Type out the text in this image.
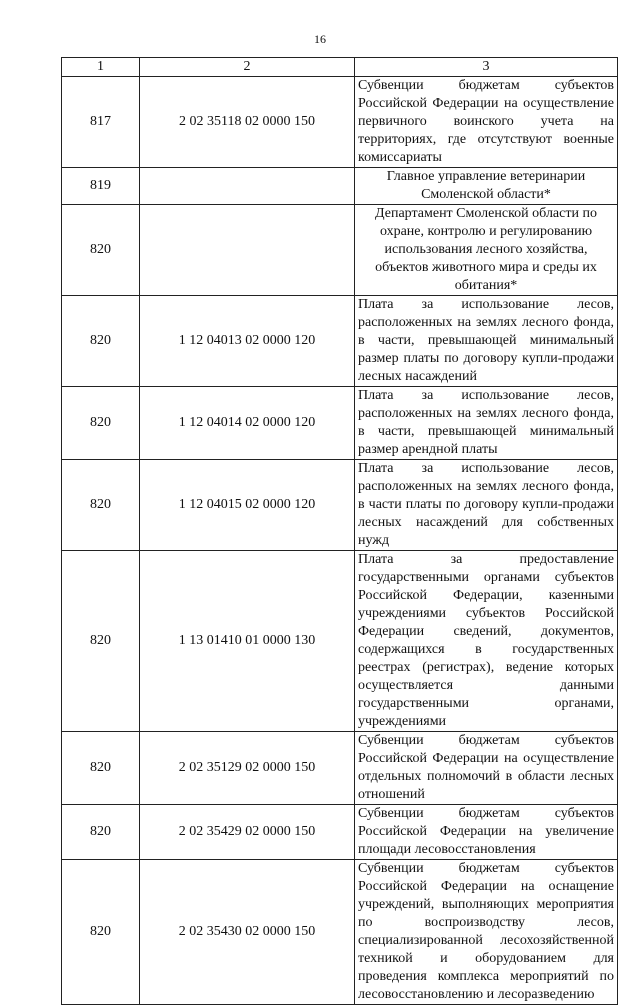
16
1	2	3
817	2 02 35118 02 0000 150	Субвенции бюджетам субъектов Российской Федерации на осуществление первичного воинского учета на территориях, где отсутствуют военные комиссариаты
819		Главное управление ветеринарии Смоленской области*
820		Департамент Смоленской области по охране, контролю и регулированию использования лесного хозяйства, объектов животного мира и среды их обитания*
820	1 12 04013 02 0000 120	Плата за использование лесов, расположенных на землях лесного фонда, в части, превышающей минимальный размер платы по договору купли-продажи лесных насаждений
820	1 12 04014 02 0000 120	Плата за использование лесов, расположенных на землях лесного фонда, в части, превышающей минимальный размер арендной платы
820	1 12 04015 02 0000 120	Плата за использование лесов, расположенных на землях лесного фонда, в части платы по договору купли-продажи лесных насаждений для собственных нужд
820	1 13 01410 01 0000 130	Плата за предоставление государственными органами субъектов Российской Федерации, казенными учреждениями субъектов Российской Федерации сведений, документов, содержащихся в государственных реестрах (регистрах), ведение которых осуществляется данными государственными органами, учреждениями
820	2 02 35129 02 0000 150	Субвенции бюджетам субъектов Российской Федерации на осуществление отдельных полномочий в области лесных отношений
820	2 02 35429 02 0000 150	Субвенции бюджетам субъектов Российской Федерации на увеличение площади лесовосстановления
820	2 02 35430 02 0000 150	Субвенции бюджетам субъектов Российской Федерации на оснащение учреждений, выполняющих мероприятия по воспроизводству лесов, специализированной лесохозяйственной техникой и оборудованием для проведения комплекса мероприятий по лесовосстановлению и лесоразведению
